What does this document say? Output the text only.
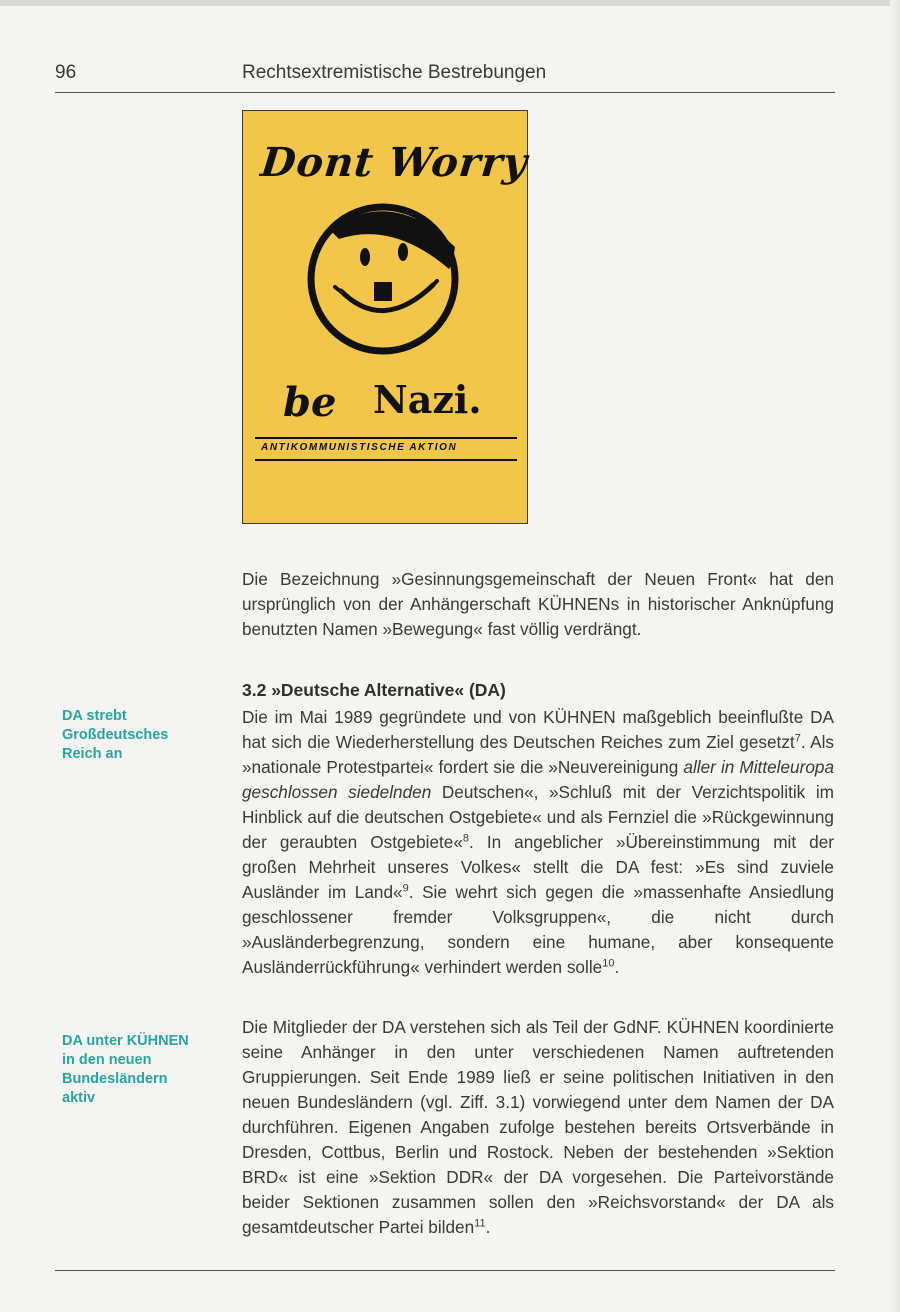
96	Rechtsextremistische Bestrebungen
Dont Worry
be Nazi.
ANTIKOMMUNISTISCHE AKTION

Die Bezeichnung »Gesinnungsgemeinschaft der Neuen Front« hat den ursprünglich von der Anhängerschaft KÜHNENs in historischer Anknüpfung benutzten Namen »Bewegung« fast völlig verdrängt.

3.2 »Deutsche Alternative« (DA)
DA strebt
Großdeutsches
Reich an

Die im Mai 1989 gegründete und von KÜHNEN maßgeblich beeinflußte DA hat sich die Wiederherstellung des Deutschen Reiches zum Ziel gesetzt$^7$. Als »nationale Protestpartei« fordert sie die »Neuvereinigung aller in Mitteleuropa geschlossen siedelnden Deutschen«, »Schluß mit der Verzichtspolitik im Hinblick auf die deutschen Ostgebiete« und als Fernziel die »Rückgewinnung der geraubten Ostgebiete«$^8$. In angeblicher »Übereinstimmung mit der großen Mehrheit unseres Volkes« stellt die DA fest: »Es sind zuviele Ausländer im Land«$^9$. Sie wehrt sich gegen die »massenhafte Ansiedlung geschlossener fremder Volksgruppen«, die nicht durch »Ausländerbegrenzung, sondern eine humane, aber konsequente Ausländerrückführung« verhindert werden solle$^{10}$.

DA unter KÜHNEN
in den neuen
Bundesländern
aktiv

Die Mitglieder der DA verstehen sich als Teil der GdNF. KÜHNEN koordinierte seine Anhänger in den unter verschiedenen Namen auftretenden Gruppierungen. Seit Ende 1989 ließ er seine politischen Initiativen in den neuen Bundesländern (vgl. Ziff. 3.1) vorwiegend unter dem Namen der DA durchführen. Eigenen Angaben zufolge bestehen bereits Ortsverbände in Dresden, Cottbus, Berlin und Rostock. Neben der bestehenden »Sektion BRD« ist eine »Sektion DDR« der DA vorgesehen. Die Parteivorstände beider Sektionen zusammen sollen den »Reichsvorstand« der DA als gesamtdeutscher Partei bilden$^{11}$.
